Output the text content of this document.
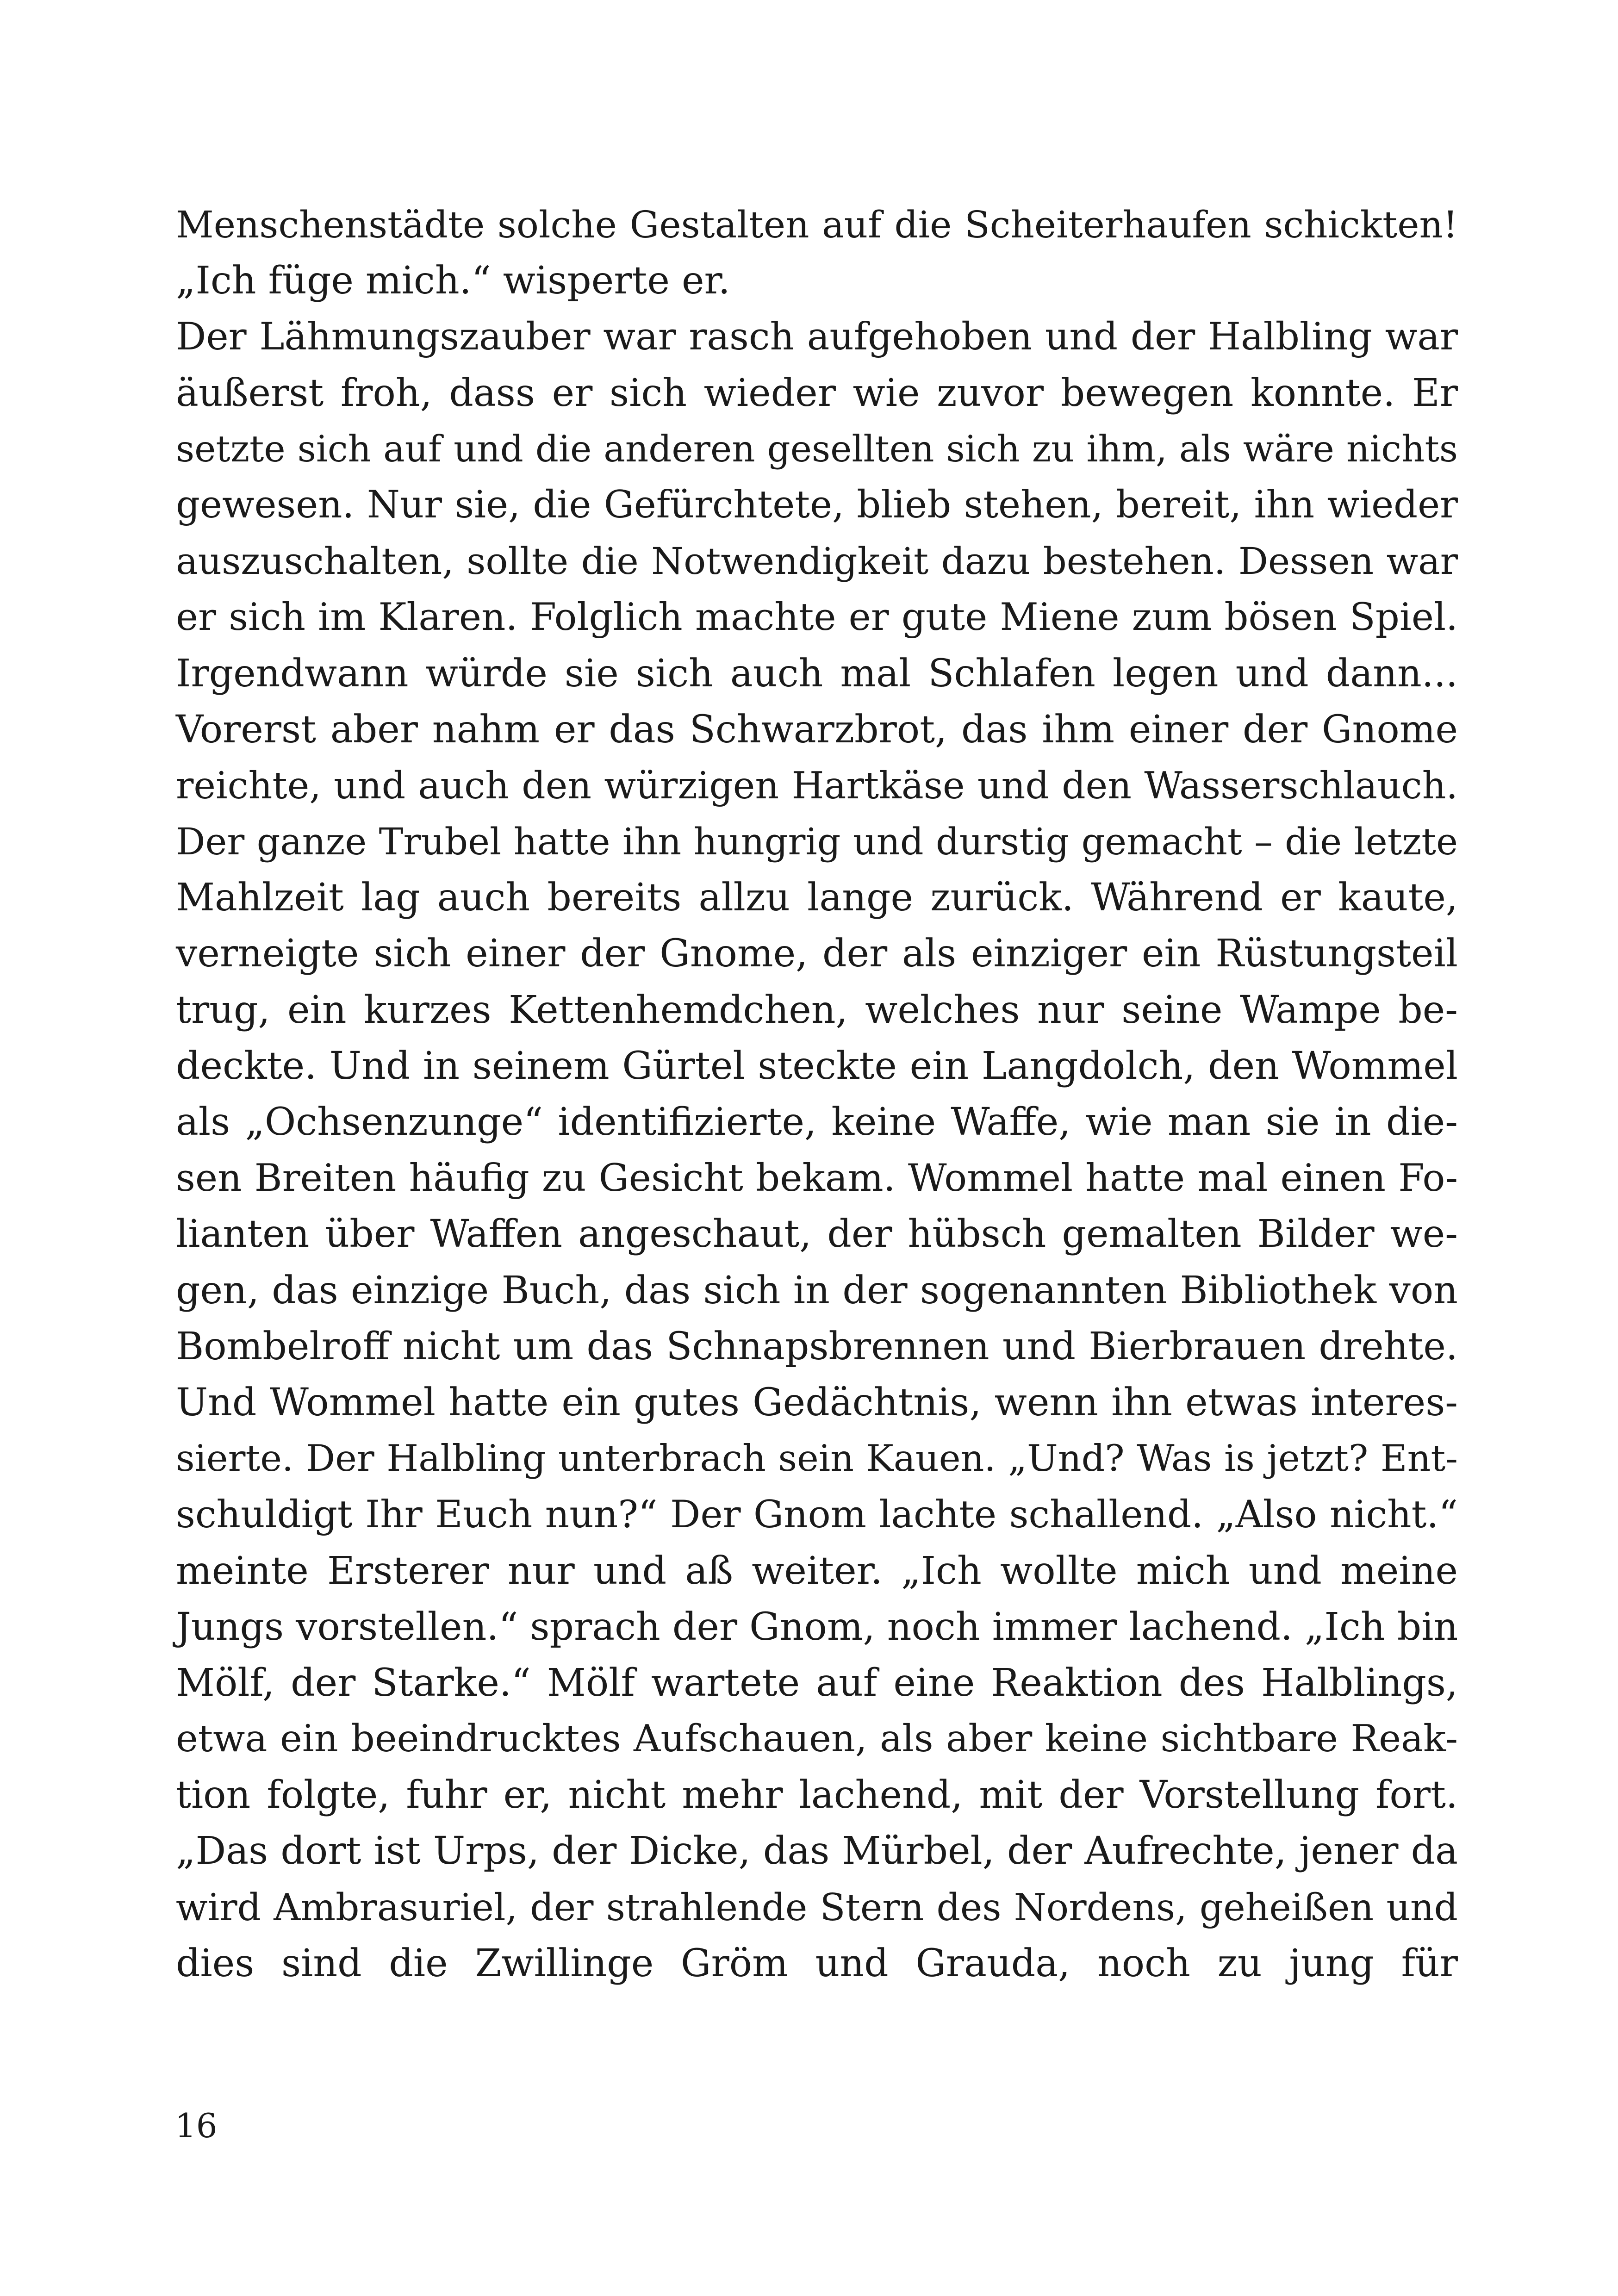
Menschenstädte solche Gestalten auf die Scheiterhaufen schickten!
„Ich füge mich.“ wisperte er.
Der Lähmungszauber war rasch aufgehoben und der Halbling war
äußerst froh, dass er sich wieder wie zuvor bewegen konnte. Er
setzte sich auf und die anderen gesellten sich zu ihm, als wäre nichts
gewesen. Nur sie, die Gefürchtete, blieb stehen, bereit, ihn wieder
auszuschalten, sollte die Notwendigkeit dazu bestehen. Dessen war
er sich im Klaren. Folglich machte er gute Miene zum bösen Spiel.
Irgendwann würde sie sich auch mal Schlafen legen und dann...
Vorerst aber nahm er das Schwarzbrot, das ihm einer der Gnome
reichte, und auch den würzigen Hartkäse und den Wasserschlauch.
Der ganze Trubel hatte ihn hungrig und durstig gemacht – die letzte
Mahlzeit lag auch bereits allzu lange zurück. Während er kaute,
verneigte sich einer der Gnome, der als einziger ein Rüstungsteil
trug, ein kurzes Kettenhemdchen, welches nur seine Wampe be-
deckte. Und in seinem Gürtel steckte ein Langdolch, den Wommel
als „Ochsenzunge“ identifizierte, keine Waffe, wie man sie in die-
sen Breiten häufig zu Gesicht bekam. Wommel hatte mal einen Fo-
lianten über Waffen angeschaut, der hübsch gemalten Bilder we-
gen, das einzige Buch, das sich in der sogenannten Bibliothek von
Bombelroff nicht um das Schnapsbrennen und Bierbrauen drehte.
Und Wommel hatte ein gutes Gedächtnis, wenn ihn etwas interes-
sierte. Der Halbling unterbrach sein Kauen. „Und? Was is jetzt? Ent-
schuldigt Ihr Euch nun?“ Der Gnom lachte schallend. „Also nicht.“
meinte Ersterer nur und aß weiter. „Ich wollte mich und meine
Jungs vorstellen.“ sprach der Gnom, noch immer lachend. „Ich bin
Mölf, der Starke.“ Mölf wartete auf eine Reaktion des Halblings,
etwa ein beeindrucktes Aufschauen, als aber keine sichtbare Reak-
tion folgte, fuhr er, nicht mehr lachend, mit der Vorstellung fort.
„Das dort ist Urps, der Dicke, das Mürbel, der Aufrechte, jener da
wird Ambrasuriel, der strahlende Stern des Nordens, geheißen und
dies sind die Zwillinge Gröm und Grauda, noch zu jung für
16
